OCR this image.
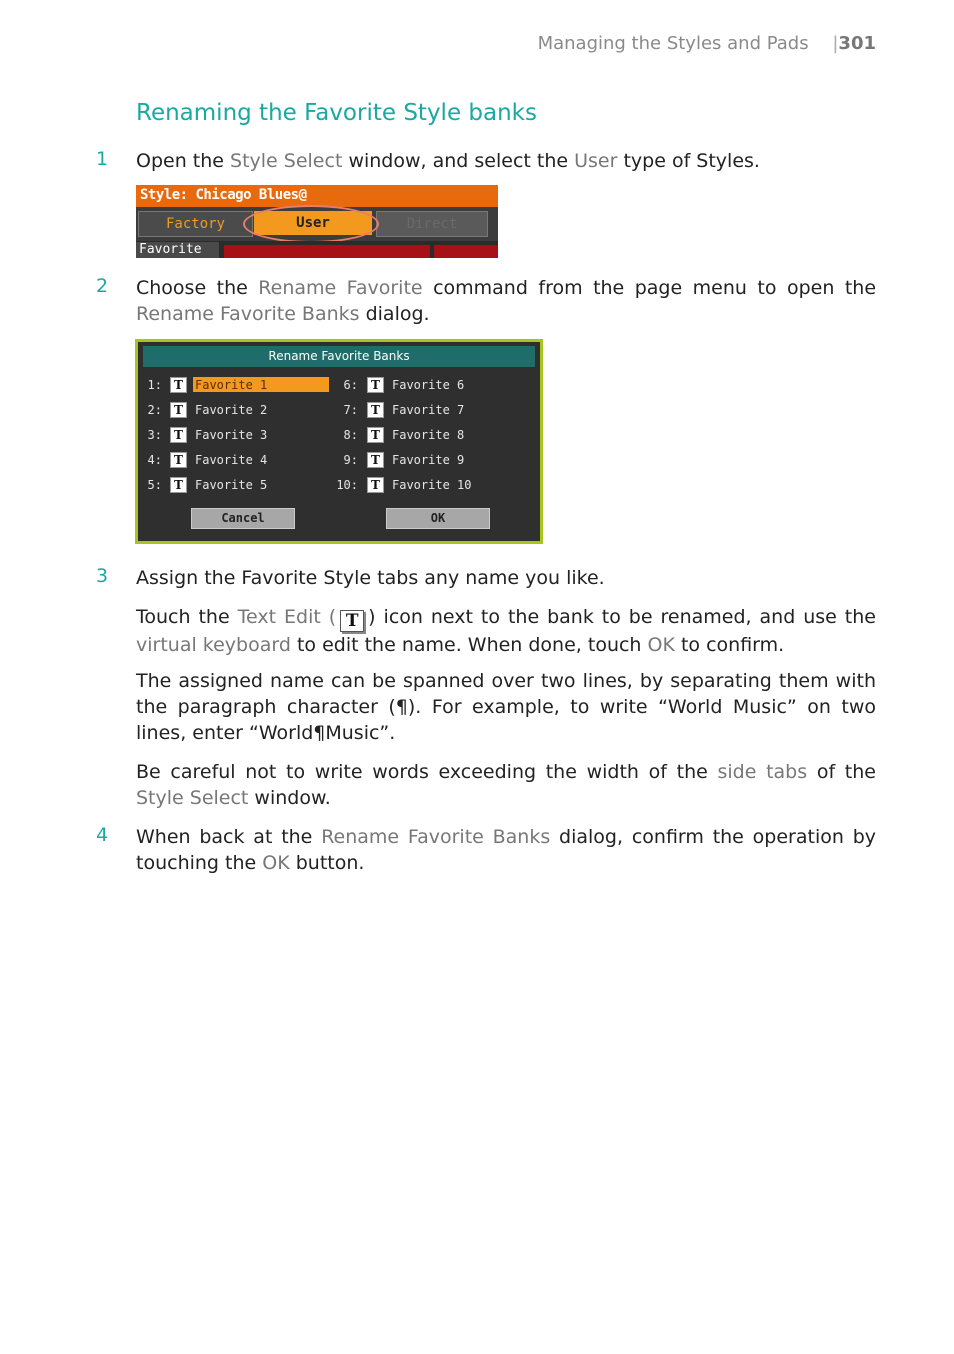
Managing the Styles and Pads |301
Renaming the Favorite Style banks
1 Open the Style Select window, and select the User type of Styles.
Style: Chicago Blues@
Factory	User	Direct
Favorite
2 Choose the Rename Favorite command from the page menu to open the Rename Favorite Banks dialog.
Rename Favorite Banks
1:	T	Favorite 1
2:	T	Favorite 2
3:	T	Favorite 3
4:	T	Favorite 4
5:	T	Favorite 5
6:	T	Favorite 6
7:	T	Favorite 7
8:	T	Favorite 8
9:	T	Favorite 9
10:	T	Favorite 10
Cancel	OK
3 Assign the Favorite Style tabs any name you like.
Touch the Text Edit ( T ) icon next to the bank to be renamed, and use the virtual keyboard to edit the name. When done, touch OK to confirm.
The assigned name can be spanned over two lines, by separating them with the paragraph character (¶). For example, to write “World Music” on two lines, enter “World¶Music”.
Be careful not to write words exceeding the width of the side tabs of the Style Select window.
4 When back at the Rename Favorite Banks dialog, confirm the operation by touching the OK button.
